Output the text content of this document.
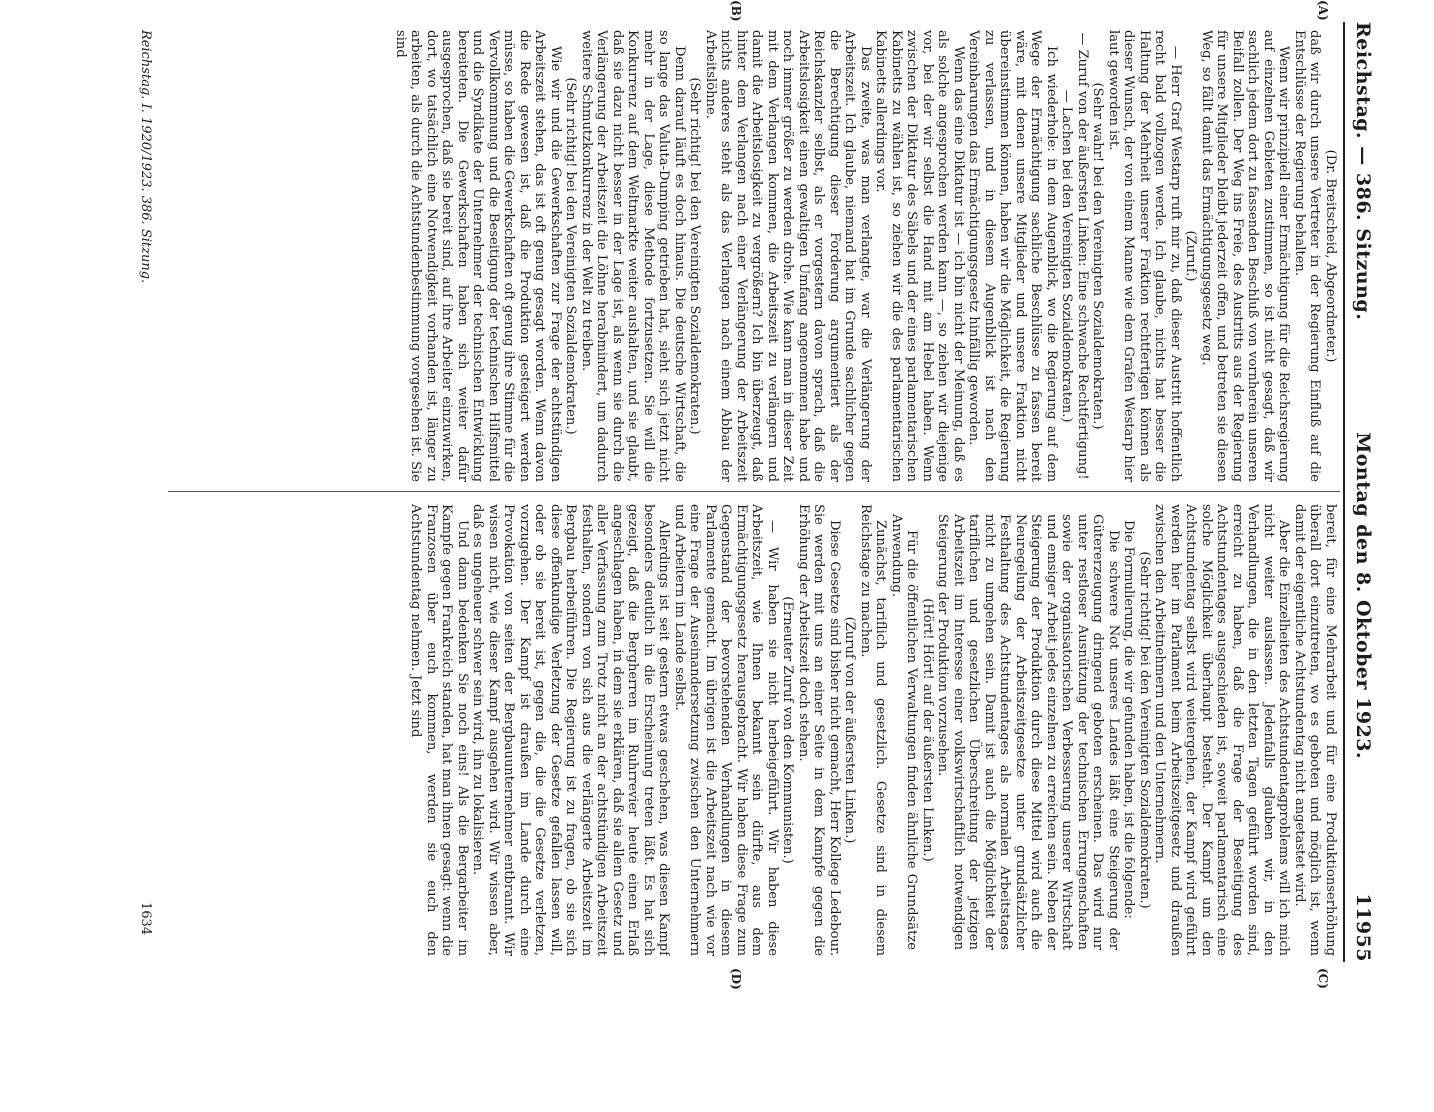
Reichstag. — 386. Sitzung.
Montag den 8. Oktober 1923.  11955
(A)
(B)
(C)
(D)

(Dr. Breitscheid, Abgeordneter.)

daß wir durch unsere Vertreter in der Regierung Einfluß auf die Entschlüsse der Regierung behalten.

Wenn wir prinzipiell einer Ermächtigung für die Reichsregierung auf einzelnen Gebieten zustimmen, so ist nicht gesagt, daß wir sachlich jedem dort zu fassenden Beschluß von vornherein unseren Beifall zollen. Der Weg ins Freie, des Austritts aus der Regierung für unsere Mitglieder bleibt jederzeit offen, und betreten sie diesen Weg, so fällt damit das Ermächtigungsgesetz weg.

(Zuruf.)

— Herr Graf Westarp ruft mir zu, daß dieser Austritt hoffentlich recht bald vollzogen werde. Ich glaube, nichts hat besser die Haltung der Mehrheit unserer Fraktion rechtfertigen können als dieser Wunsch, der von einem Manne wie dem Grafen Westarp hier laut geworden ist.

(Sehr wahr! bei den Vereinigten Sozialdemokraten.)

— Zuruf von der äußersten Linken: Eine schwache Rechtfertigung! — Lachen bei den Vereinigten Sozialdemokraten.)

Ich wiederhole: in dem Augenblick, wo die Regierung auf dem Wege der Ermächtigung sachliche Beschlüsse zu fassen bereit wäre, mit denen unsere Mitglieder und unsere Fraktion nicht übereinstimmen können, haben wir die Möglichkeit, die Regierung zu verlassen, und in diesem Augenblick ist nach den Vereinbarungen das Ermächtigungsgesetz hinfällig geworden.

Wenn das eine Diktatur ist — ich bin nicht der Meinung, daß es als solche angesprochen werden kann —, so ziehen wir diejenige vor, bei der wir selbst die Hand mit am Hebel haben. Wenn zwischen der Diktatur des Säbels und der eines parlamentarischen Kabinetts zu wählen ist, so ziehen wir die des parlamentarischen Kabinetts allerdings vor.

Das zweite, was man verlangte, war die Verlängerung der Arbeitszeit. Ich glaube, niemand hat im Grunde sachlicher gegen die Berechtigung dieser Forderung argumentiert als der Reichskanzler selbst, als er vorgestern davon sprach, daß die Arbeitslosigkeit einen gewaltigen Umfang angenommen habe und noch immer größer zu werden drohe. Wie kann man in dieser Zeit mit dem Verlangen kommen, die Arbeitszeit zu verlängern und damit die Arbeitslosigkeit zu vergrößern? Ich bin überzeugt, daß hinter dem Verlangen nach einer Verlängerung der Arbeitszeit nichts anderes steht als das Verlangen nach einem Abbau der Arbeitslöhne.

(Sehr richtig! bei den Vereinigten Sozialdemokraten.)

Denn darauf läuft es doch hinaus. Die deutsche Wirtschaft, die so lange das Valuta-Dumping getrieben hat, sieht sich jetzt nicht mehr in der Lage, diese Methode fortzusetzen. Sie will die Konkurrenz auf dem Weltmarkte weiter aushalten, und sie glaubt, daß sie dazu nicht besser in der Lage ist, als wenn sie durch die Verlängerung der Arbeitszeit die Löhne herabmindert, um dadurch weitere Schmutzkonkurrenz in der Welt zu treiben.

(Sehr richtig! bei den Vereinigten Sozialdemokraten.)

Wie wir und die Gewerkschaften zur Frage der achtstündigen Arbeitszeit stehen, das ist oft genug gesagt worden. Wenn davon die Rede gewesen ist, daß die Produktion gesteigert werden müsse, so haben die Gewerkschaften oft genug ihre Stimme für die Vervollkommnung und die Beseitigung der technischen Hilfsmittel und die Syndikate der Unternehmer der technischen Entwicklung bereiteten. Die Gewerkschaften haben sich weiter dafür ausgesprochen, daß sie bereit sind, auf ihre Arbeiter einzuwirken, dort, wo tatsächlich eine Notwendigkeit vorhanden ist, länger zu arbeiten, als durch die Achtstundenbestimmung vorgesehen ist. Sie sind

bereit, für eine Mehrarbeit und für eine Produktionserhöhung überall dort einzutreten, wo es geboten und möglich ist, wenn damit der eigentliche Achtstundentag nicht angetastet wird.

Aber die Einzelheiten des Achtstundentagproblems will ich mich nicht weiter auslassen. Jedenfalls glauben wir, in den Verhandlungen, die in den letzten Tagen geführt worden sind, erreicht zu haben, daß die Frage der Beseitigung des Achtstundentages ausgeschieden ist, soweit parlamentarisch eine solche Möglichkeit überhaupt besteht. Der Kampf um den Achtstundentag selbst wird weitergehen, der Kampf wird geführt werden hier im Parlament beim Arbeitszeitgesetz und draußen zwischen den Arbeitnehmern und den Unternehmern.

(Sehr richtig! bei den Vereinigten Sozialdemokraten.)

Die Formulierung, die wir gefunden haben, ist die folgende:

Die schwere Not unseres Landes läßt eine Steigerung der Gütererzeugung dringend geboten erscheinen. Das wird nur unter restloser Ausnützung der technischen Errungenschaften sowie der organisatorischen Verbesserung unserer Wirtschaft und emsiger Arbeit jedes einzelnen zu erreichen sein. Neben der Steigerung der Produktion durch diese Mittel wird auch die Neuregelung der Arbeitszeitgesetze unter grundsätzlicher Festhaltung des Achtstundentages als normalen Arbeitstages nicht zu umgehen sein. Damit ist auch die Möglichkeit der tariflichen und gesetzlichen Überschreitung der jetzigen Arbeitszeit im Interesse einer volkswirtschaftlich notwendigen Steigerung der Produktion vorzusehen.

(Hört! Hört! auf der äußersten Linken.)

Für die öffentlichen Verwaltungen finden ähnliche Grundsätze Anwendung.

Zunächst, tariflich und gesetzlich. Gesetze sind in diesem Reichstage zu machen.

(Zuruf von der äußersten Linken.)

Diese Gesetze sind bisher nicht gemacht, Herr Kollege Ledebour. Sie werden mit uns an einer Seite in dem Kampfe gegen die Erhöhung der Arbeitszeit doch stehen.

(Erneuter Zuruf von den Kommunisten.)

— Wir haben sie nicht herbeigeführt. Wir haben diese Arbeitszeit, wie Ihnen bekannt sein dürfte, aus dem Ermächtigungsgesetz herausgebracht. Wir haben diese Frage zum Gegenstand der bevorstehenden Verhandlungen in diesem Parlamente gemacht. Im übrigen ist die Arbeitszeit nach wie vor eine Frage der Auseinandersetzung zwischen den Unternehmern und Arbeitern im Lande selbst.

Allerdings ist seit gestern etwas geschehen, was diesen Kampf besonders deutlich in die Erscheinung treten läßt. Es hat sich gezeigt, daß die Bergherren im Ruhrrevier heute einen Erlaß angeschlagen haben, in dem sie erklären, daß sie allem Gesetz und aller Verfassung zum Trotz nicht an der achtstündigen Arbeitszeit festhalten, sondern von sich aus die verlängerte Arbeitszeit im Bergbau herbeiführen. Die Regierung ist zu fragen, ob sie sich diese offenkundige Verletzung der Gesetze gefallen lassen will, oder ob sie bereit ist, gegen die, die die Gesetze verletzen, vorzugehen. Der Kampf ist draußen im Lande durch eine Provokation von seiten der Bergbauunternehmer entbrannt. Wir wissen nicht, wie dieser Kampf ausgehen wird. Wir wissen aber, daß es ungeheuer schwer sein wird, ihn zu lokalisieren.

Und dann bedenken Sie noch eins! Als die Bergarbeiter im Kampfe gegen Frankreich standen, hat man ihnen gesagt: wenn die Franzosen über euch kommen, werden sie euch den Achtstundentag nehmen. Jetzt sind

Reichstag. I. 1920/1923. 386. Sitzung.
1634
